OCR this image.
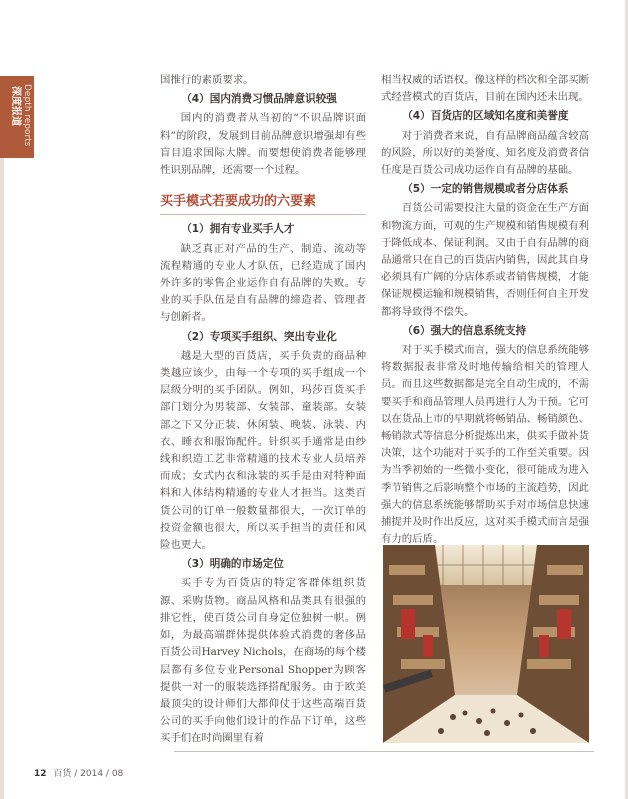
深度报道 Depth reports

国推行的素质要求。

（4）国内消费习惯品牌意识较强

国内的消费者从当初的“不识品牌识面料”的阶段，发展到目前品牌意识增强却有些盲目追求国际大牌。而要想使消费者能够理性识别品牌，还需要一个过程。

买手模式若要成功的六要素
（1）拥有专业买手人才

缺乏真正对产品的生产、制造、流动等流程精通的专业人才队伍，已经造成了国内外许多的零售企业运作自有品牌的失败。专业的买手队伍是自有品牌的缔造者、管理者与创新者。

（2）专项买手组织、突出专业化

越是大型的百货店，买手负责的商品种类越应该少，由每一个专项的买手组成一个层级分明的买手团队。例如，玛莎百货买手部门划分为男装部、女装部、童装部。女装部之下又分正装、休闲装、晚装、泳装、内衣、睡衣和服饰配件。针织买手通常是由纱线和织造工艺非常精通的技术专业人员培养而成；女式内衣和泳装的买手是由对特种面料和人体结构精通的专业人才担当。这类百货公司的订单一般数量都很大，一次订单的投资金额也很大，所以买手担当的责任和风险也更大。

（3）明确的市场定位

买手专为百货店的特定客群体组织货源、采购货物。商品风格和品类具有很强的排它性，使百货公司自身定位独树一帜。例如，为最高端群体提供体验式消费的奢侈品百货公司Harvey Nichols，在商场的每个楼层都有多位专业Personal Shopper为顾客提供一对一的服装选择搭配服务。由于欧美最顶尖的设计师们大都仰仗于这些高端百货公司的买手向他们设计的作品下订单，这些买手们在时尚圈里有着

相当权威的话语权。像这样的档次和全部买断式经营模式的百货店，目前在国内还未出现。

（4）百货店的区域知名度和美誉度

对于消费者来说，自有品牌商品蕴含较高的风险，所以好的美誉度、知名度及消费者信任度是百货公司成功运作自有品牌的基础。

（5）一定的销售规模或者分店体系

百货公司需要投注大量的资金在生产方面和物流方面，可观的生产规模和销售规模有利于降低成本、保证利润。又由于自有品牌的商品通常只在自己的百货店内销售，因此其自身必须具有广阔的分店体系或者销售规模，才能保证规模运输和规模销售，否则任何自主开发都将导致得不偿失。

（6）强大的信息系统支持

对于买手模式而言，强大的信息系统能够将数据报表非常及时地传输给相关的管理人员。而且这些数据都是完全自动生成的，不需要买手和商品管理人员再进行人为干预。它可以在货品上市的早期就将畅销品、畅销颜色、畅销款式等信息分析提炼出来，供买手做补货决策，这个功能对于买手的工作至关重要。因为当季初始的一些微小变化，很可能成为进入季节销售之后影响整个市场的主流趋势，因此强大的信息系统能够帮助买手对市场信息快速捕捉并及时作出反应，这对买手模式而言是强有力的后盾。

12 百货 / 2014 / 08
